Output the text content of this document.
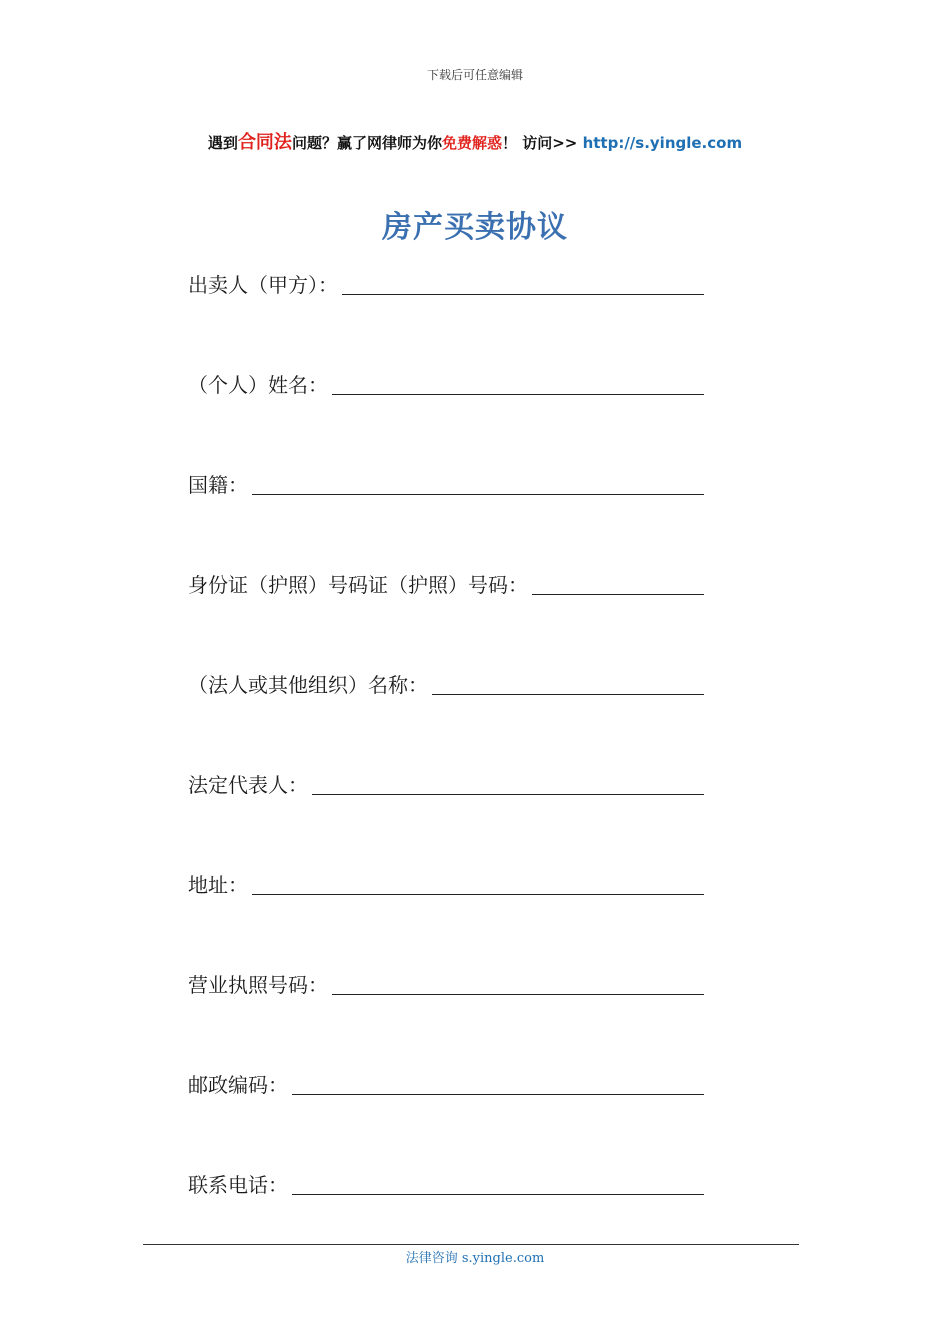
下载后可任意编辑
遇到合同法问题？赢了网律师为你免费解惑！ 访问>> http://s.yingle.com
房产买卖协议
出卖人（甲方）：
（个人）姓名：
国籍：
身份证（护照）号码证（护照）号码：
（法人或其他组织）名称：
法定代表人：
地址：
营业执照号码：
邮政编码：
联系电话：
法律咨询 s.yingle.com
